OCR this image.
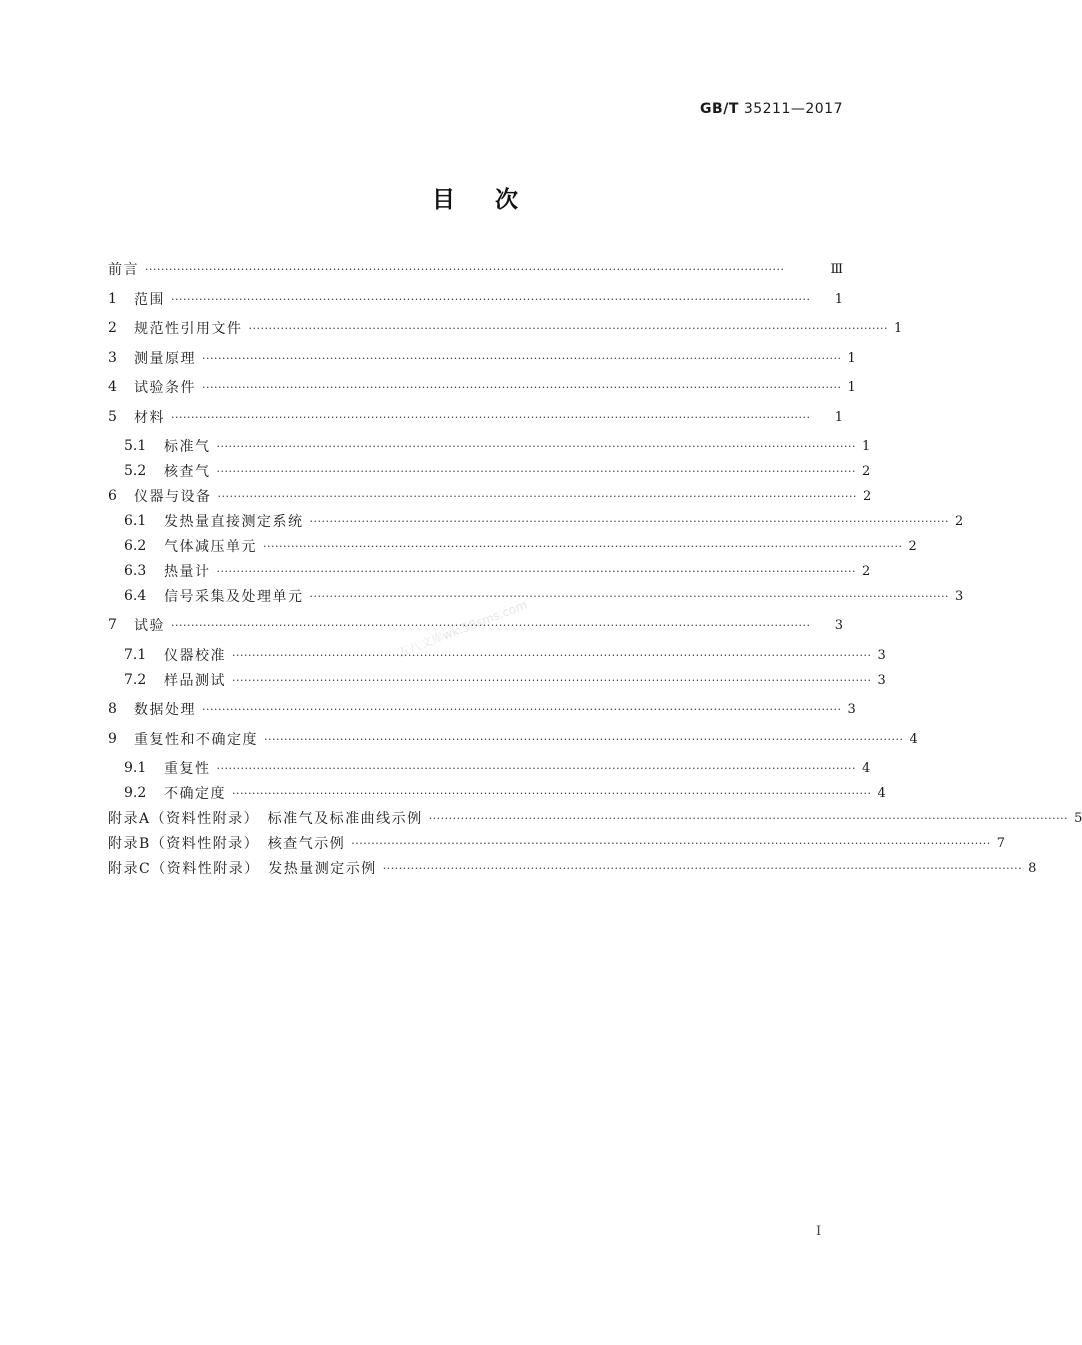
GB/T 35211—2017
目次
五八文库wk.58sms.com
前言 ································································································································································	Ⅲ
1	范围 ································································································································································	1
2	规范性引用文件 ································································································································································ 1
3	测量原理 ································································································································································ 1
4	试验条件 ································································································································································ 1
5	材料 ································································································································································	1
5.1	标准气 ································································································································································ 1
5.2	核查气 ································································································································································ 2
6	仪器与设备 ································································································································································ 2
6.1	发热量直接测定系统 ································································································································································ 2
6.2	气体减压单元 ································································································································································ 2
6.3	热量计 ································································································································································ 2
6.4	信号采集及处理单元 ································································································································································ 3
7	试验 ································································································································································	3
7.1	仪器校准 ································································································································································ 3
7.2	样品测试 ································································································································································ 3
8	数据处理 ································································································································································ 3
9	重复性和不确定度 ································································································································································ 4
9.1	重复性 ································································································································································ 4
9.2	不确定度 ································································································································································ 4
附录A（资料性附录）　标准气及标准曲线示例 ································································································································································ 5
附录B（资料性附录）　核查气示例 ································································································································································ 7
附录C（资料性附录）　发热量测定示例 ································································································································································ 8
I
